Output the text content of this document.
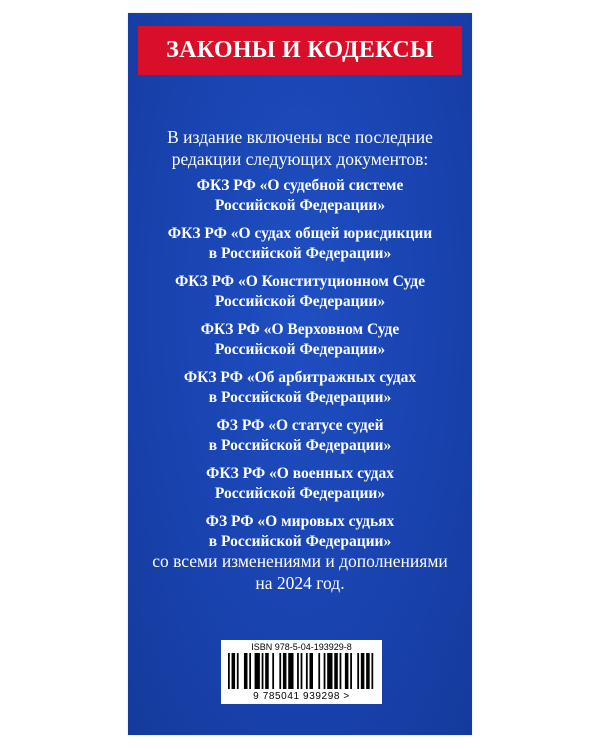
ЗАКОНЫ И КОДЕКСЫ
В издание включены все последние
редакции следующих документов:
ФКЗ РФ «О судебной системе
Российской Федерации»
ФКЗ РФ «О судах общей юрисдикции
в Российской Федерации»
ФКЗ РФ «О Конституционном Суде
Российской Федерации»
ФКЗ РФ «О Верховном Суде
Российской Федерации»
ФКЗ РФ «Об арбитражных судах
в Российской Федерации»
ФЗ РФ «О статусе судей
в Российской Федерации»
ФКЗ РФ «О военных судах
Российской Федерации»
ФЗ РФ «О мировых судьях
в Российской Федерации»
со всеми изменениями и дополнениями
на 2024 год.
ISBN 978-5-04-193929-8
9 785041 939298 >
